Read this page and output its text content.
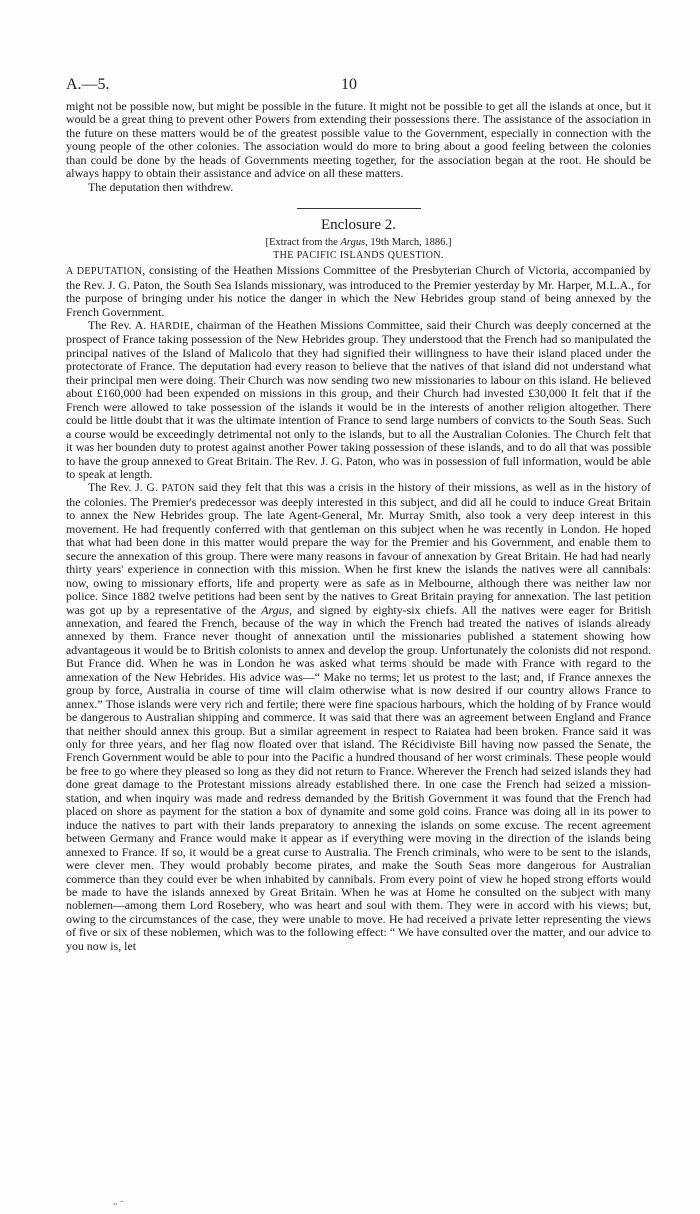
A.—5.	10

might not be possible now, but might be possible in the future. It might not be possible to get all the islands at once, but it would be a great thing to prevent other Powers from extending their possessions there. The assistance of the association in the future on these matters would be of the greatest possible value to the Government, especially in connection with the young people of the other colonies. The association would do more to bring about a good feeling between the colonies than could be done by the heads of Governments meeting together, for the association began at the root. He should be always happy to obtain their assistance and advice on all these matters.

The deputation then withdrew.

Enclosure 2.
[Extract from the Argus, 19th March, 1886.]
THE PACIFIC ISLANDS QUESTION.

A DEPUTATION, consisting of the Heathen Missions Committee of the Presbyterian Church of Victoria, accompanied by the Rev. J. G. Paton, the South Sea Islands missionary, was introduced to the Premier yesterday by Mr. Harper, M.L.A., for the purpose of bringing under his notice the danger in which the New Hebrides group stand of being annexed by the French Government.

The Rev. A. HARDIE, chairman of the Heathen Missions Committee, said their Church was deeply concerned at the prospect of France taking possession of the New Hebrides group. They understood that the French had so manipulated the principal natives of the Island of Malicolo that they had signified their willingness to have their island placed under the protectorate of France. The deputation had every reason to believe that the natives of that island did not understand what their principal men were doing. Their Church was now sending two new missionaries to labour on this island. He believed about £160,000 had been expended on missions in this group, and their Church had invested £30,000 It felt that if the French were allowed to take possession of the islands it would be in the interests of another religion altogether. There could be little doubt that it was the ultimate intention of France to send large numbers of convicts to the South Seas. Such a course would be exceedingly detrimental not only to the islands, but to all the Australian Colonies. The Church felt that it was her bounden duty to protest against another Power taking possession of these islands, and to do all that was possible to have the group annexed to Great Britain. The Rev. J. G. Paton, who was in possession of full information, would be able to speak at length.

The Rev. J. G. PATON said they felt that this was a crisis in the history of their missions, as well as in the history of the colonies. The Premier's predecessor was deeply interested in this subject, and did all he could to induce Great Britain to annex the New Hebrides group. The late Agent-General, Mr. Murray Smith, also took a very deep interest in this movement. He had frequently conferred with that gentleman on this subject when he was recently in London. He hoped that what had been done in this matter would prepare the way for the Premier and his Government, and enable them to secure the annexation of this group. There were many reasons in favour of annexation by Great Britain. He had had nearly thirty years' experience in connection with this mission. When he first knew the islands the natives were all cannibals: now, owing to missionary efforts, life and property were as safe as in Melbourne, although there was neither law nor police. Since 1882 twelve petitions had been sent by the natives to Great Britain praying for annexation. The last petition was got up by a representative of the Argus, and signed by eighty-six chiefs. All the natives were eager for British annexation, and feared the French, because of the way in which the French had treated the natives of islands already annexed by them. France never thought of annexation until the missionaries published a statement showing how advantageous it would be to British colonists to annex and develop the group. Unfortunately the colonists did not respond. But France did. When he was in London he was asked what terms should be made with France with regard to the annexation of the New Hebrides. His advice was—“ Make no terms; let us protest to the last; and, if France annexes the group by force, Australia in course of time will claim otherwise what is now desired if our country allows France to annex.” Those islands were very rich and fertile; there were fine spacious harbours, which the holding of by France would be dangerous to Australian shipping and commerce. It was said that there was an agreement between England and France that neither should annex this group. But a similar agreement in respect to Raiatea had been broken. France said it was only for three years, and her flag now floated over that island. The Récidiviste Bill having now passed the Senate, the French Government would be able to pour into the Pacific a hundred thousand of her worst criminals. These people would be free to go where they pleased so long as they did not return to France. Wherever the French had seized islands they had done great damage to the Protestant missions already established there. In one case the French had seized a mission-station, and when inquiry was made and redress demanded by the British Government it was found that the French had placed on shore as payment for the station a box of dynamite and some gold coins. France was doing all in its power to induce the natives to part with their lands preparatory to annexing the islands on some excuse. The recent agreement between Germany and France would make it appear as if everything were moving in the direction of the islands being annexed to France. If so, it would be a great curse to Australia. The French criminals, who were to be sent to the islands, were clever men. They would probably become pirates, and make the South Seas more dangerous for Australian commerce than they could ever be when inhabited by cannibals. From every point of view he hoped strong efforts would be made to have the islands annexed by Great Britain. When he was at Home he consulted on the subject with many noblemen—among them Lord Rosebery, who was heart and soul with them. They were in accord with his views; but, owing to the circumstances of the case, they were unable to move. He had received a private letter representing the views of five or six of these noblemen, which was to the following effect: “ We have consulted over the matter, and our advice to you now is, let

„ -
